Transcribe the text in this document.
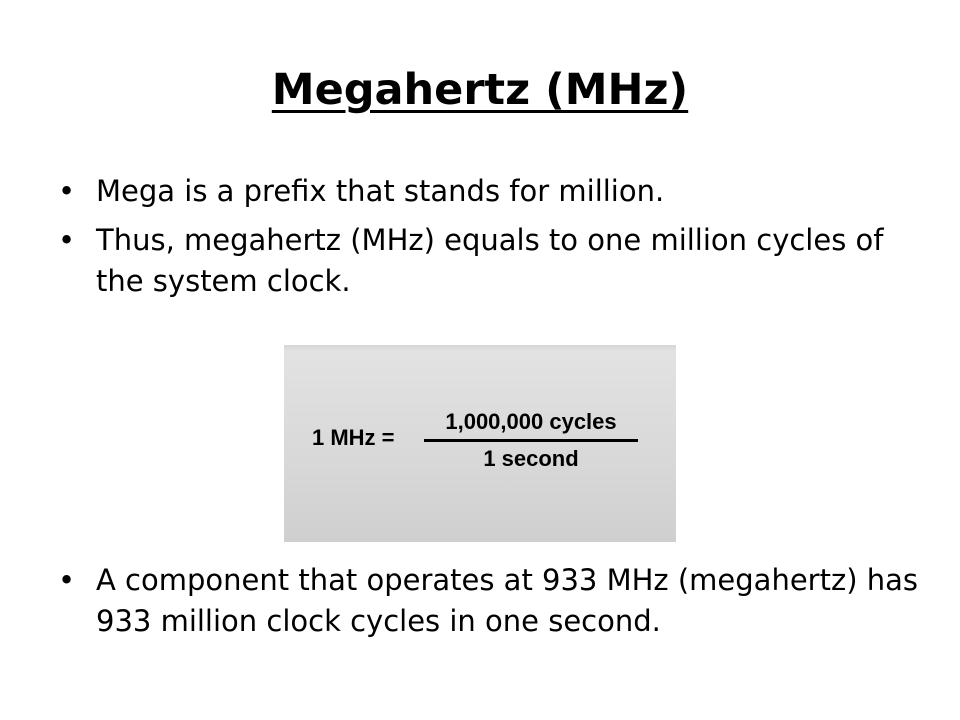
Megahertz (MHz)
• Mega is a prefix that stands for million.
• Thus, megahertz (MHz) equals to one million cycles of the system clock.
1 MHz =
1,000,000 cycles
1 second
• A component that operates at 933 MHz (megahertz) has 933 million clock cycles in one second.
